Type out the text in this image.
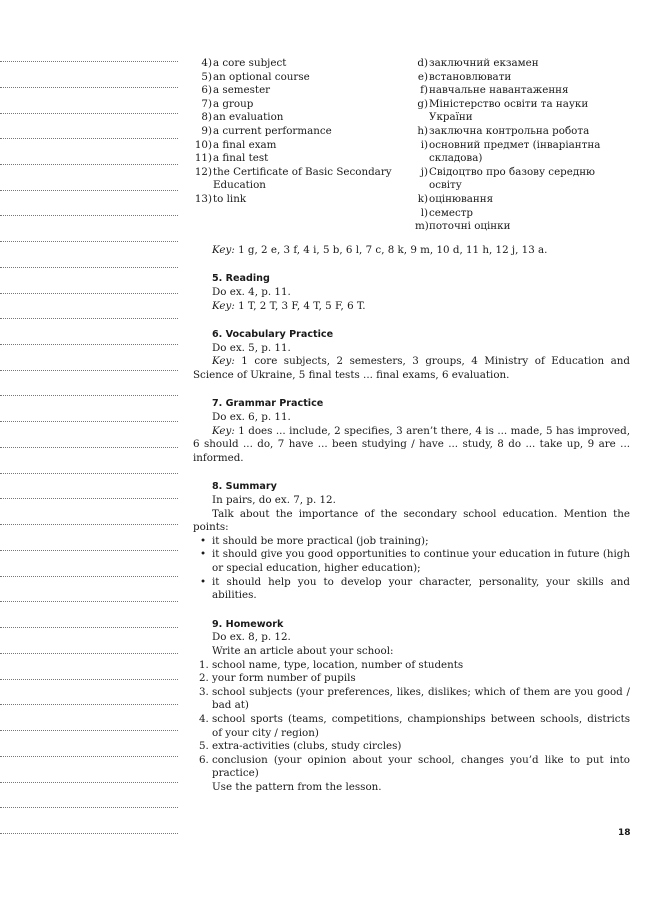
4) a core subject
5) an optional course
6) a semester
7) a group
8) an evaluation
9) a current performance
10) a final exam
11) a final test
12) the Certificate of Basic Secondary Education
13) to link
d) заключний екзамен
e) встановлювати
f) навчальне навантаження
g) Міністерство освіти та науки України
h) заключна контрольна робота
i) основний предмет (інваріантна складова)
j) Свідоцтво про базову середню освіту
k) оцінювання
l) семестр
m) поточні оцінки
Key: 1 g, 2 e, 3 f, 4 i, 5 b, 6 l, 7 c, 8 k, 9 m, 10 d, 11 h, 12 j, 13 a.
5. Reading
Do ex. 4, p. 11.
Key: 1 T, 2 T, 3 F, 4 T, 5 F, 6 T.
6. Vocabulary Practice
Do ex. 5, p. 11.
Key: 1 core subjects, 2 semesters, 3 groups, 4 Ministry of Education and Science of Ukraine, 5 final tests ... final exams, 6 evaluation.
7. Grammar Practice
Do ex. 6, p. 11.
Key: 1 does ... include, 2 specifies, 3 aren’t there, 4 is ... made, 5 has improved, 6 should ... do, 7 have ... been studying / have ... study, 8 do ... take up, 9 are ... informed.
8. Summary
In pairs, do ex. 7, p. 12.
Talk about the importance of the secondary school education. Mention the points:
• it should be more practical (job training);
• it should give you good opportunities to continue your education in future (high or special education, higher education);
• it should help you to develop your character, personality, your skills and abilities.
9. Homework
Do ex. 8, p. 12.
Write an article about your school:
1. school name, type, location, number of students
2. your form number of pupils
3. school subjects (your preferences, likes, dislikes; which of them are you good / bad at)
4. school sports (teams, competitions, championships between schools, districts of your city / region)
5. extra-activities (clubs, study circles)
6. conclusion (your opinion about your school, changes you’d like to put into practice)
Use the pattern from the lesson.
18
